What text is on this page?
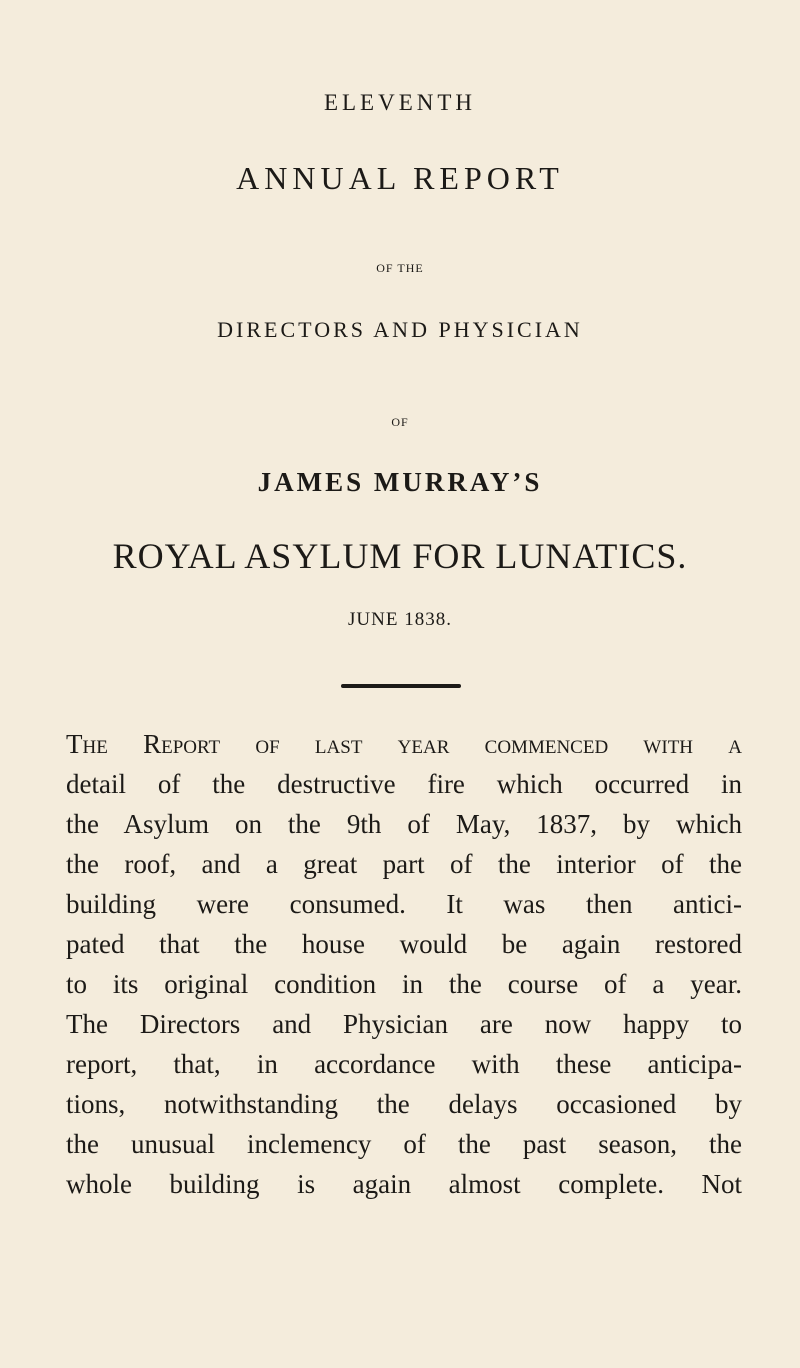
ELEVENTH
ANNUAL REPORT
OF THE
DIRECTORS AND PHYSICIAN
OF
JAMES MURRAY’S
ROYAL ASYLUM FOR LUNATICS.
JUNE 1838.
The Report of last year commenced with a
detail of the destructive fire which occurred in
the Asylum on the 9th of May, 1837, by which
the roof, and a great part of the interior of the
building were consumed. It was then antici-
pated that the house would be again restored
to its original condition in the course of a year.
The Directors and Physician are now happy to
report, that, in accordance with these anticipa-
tions, notwithstanding the delays occasioned by
the unusual inclemency of the past season, the
whole building is again almost complete. Not
